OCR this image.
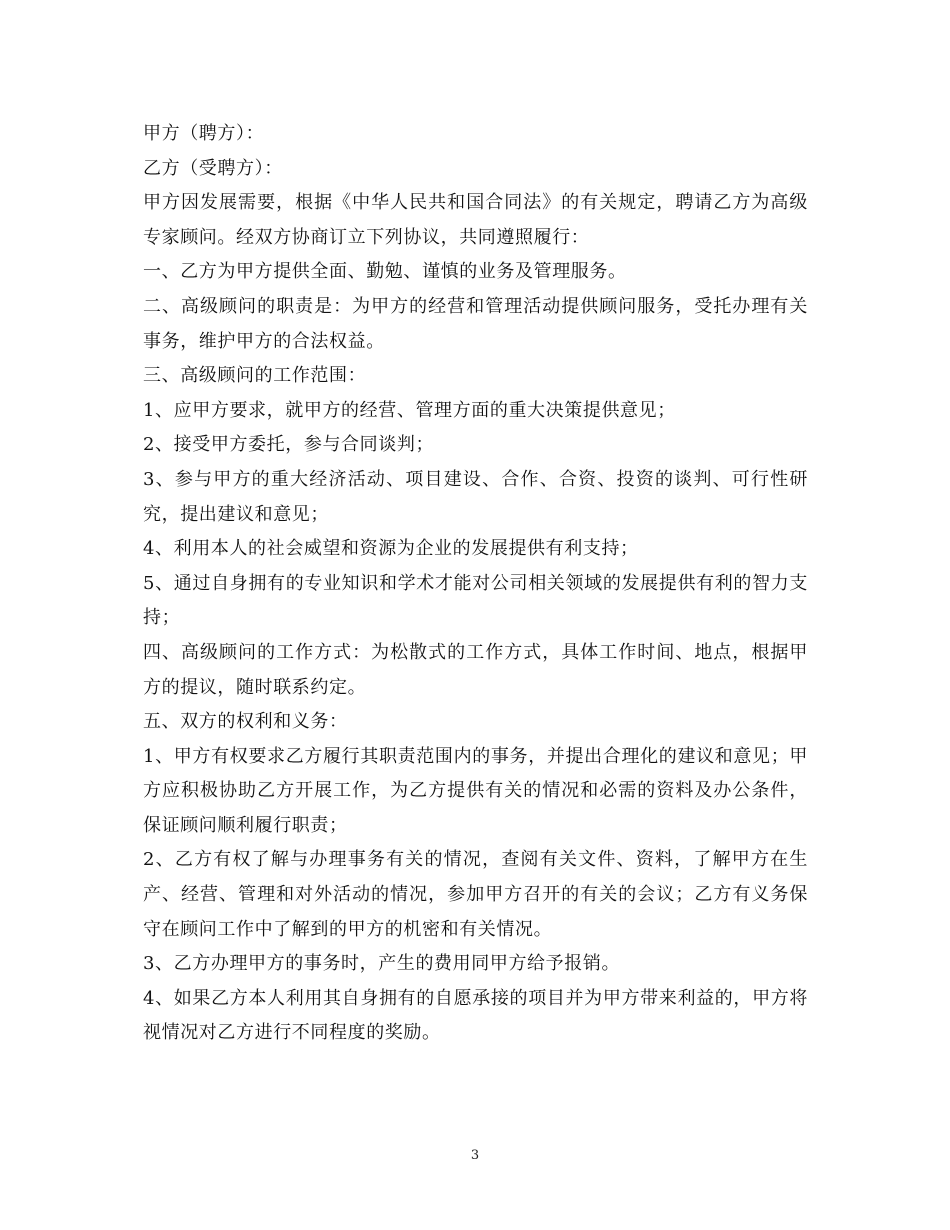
甲方（聘方）：

乙方（受聘方）：

甲方因发展需要，根据《中华人民共和国合同法》的有关规定，聘请乙方为高级专家顾问。经双方协商订立下列协议，共同遵照履行：

一、乙方为甲方提供全面、勤勉、谨慎的业务及管理服务。

二、高级顾问的职责是：为甲方的经营和管理活动提供顾问服务，受托办理有关事务，维护甲方的合法权益。

三、高级顾问的工作范围：

1、应甲方要求，就甲方的经营、管理方面的重大决策提供意见；

2、接受甲方委托，参与合同谈判；

3、参与甲方的重大经济活动、项目建设、合作、合资、投资的谈判、可行性研究，提出建议和意见；

4、利用本人的社会威望和资源为企业的发展提供有利支持；

5、通过自身拥有的专业知识和学术才能对公司相关领域的发展提供有利的智力支持；

四、高级顾问的工作方式：为松散式的工作方式，具体工作时间、地点，根据甲方的提议，随时联系约定。

五、双方的权利和义务：

1、甲方有权要求乙方履行其职责范围内的事务，并提出合理化的建议和意见；甲方应积极协助乙方开展工作，为乙方提供有关的情况和必需的资料及办公条件，保证顾问顺利履行职责；

2、乙方有权了解与办理事务有关的情况，查阅有关文件、资料，了解甲方在生产、经营、管理和对外活动的情况，参加甲方召开的有关的会议；乙方有义务保守在顾问工作中了解到的甲方的机密和有关情况。

3、乙方办理甲方的事务时，产生的费用同甲方给予报销。

4、如果乙方本人利用其自身拥有的自愿承接的项目并为甲方带来利益的，甲方将视情况对乙方进行不同程度的奖励。

3
